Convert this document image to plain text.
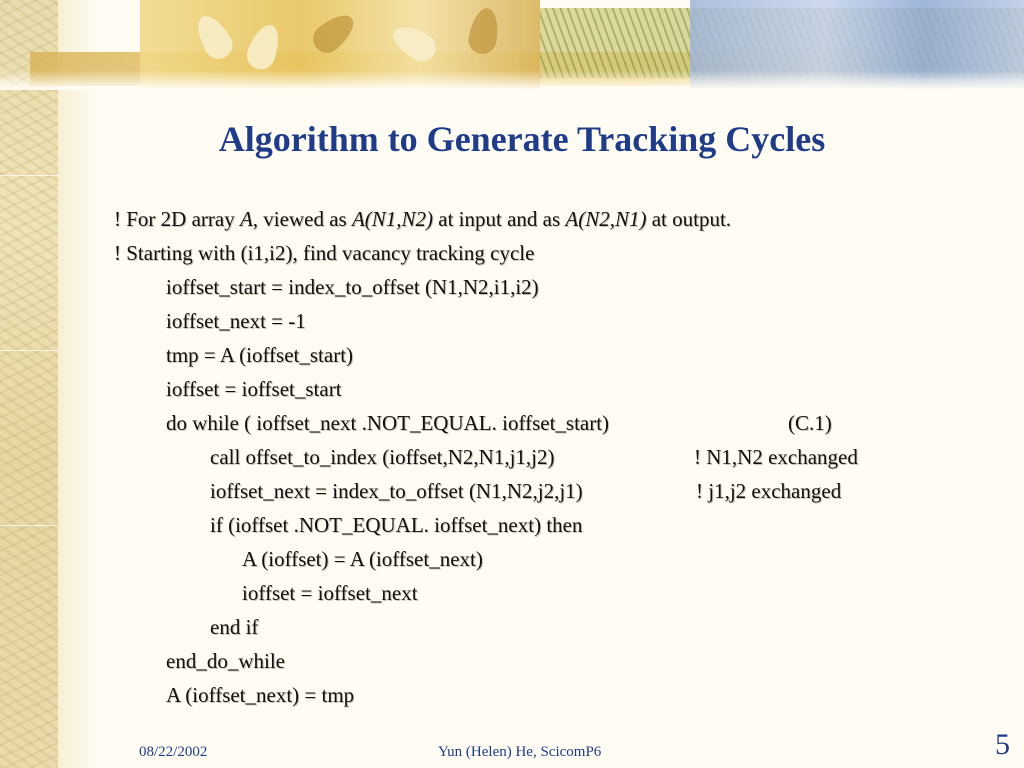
Algorithm to Generate Tracking Cycles
! For 2D array A, viewed as A(N1,N2) at input and as A(N2,N1) at output.
! Starting with (i1,i2), find vacancy tracking cycle
ioffset_start = index_to_offset (N1,N2,i1,i2)
ioffset_next = -1
tmp = A (ioffset_start)
ioffset = ioffset_start
do while ( ioffset_next .NOT_EQUAL. ioffset_start)	(C.1)
call offset_to_index (ioffset,N2,N1,j1,j2)	! N1,N2 exchanged
ioffset_next = index_to_offset (N1,N2,j2,j1)	! j1,j2 exchanged
if (ioffset .NOT_EQUAL. ioffset_next) then
A (ioffset) = A (ioffset_next)
ioffset = ioffset_next
end if
end_do_while
A (ioffset_next) = tmp
08/22/2002	Yun (Helen) He, ScicomP6	5
